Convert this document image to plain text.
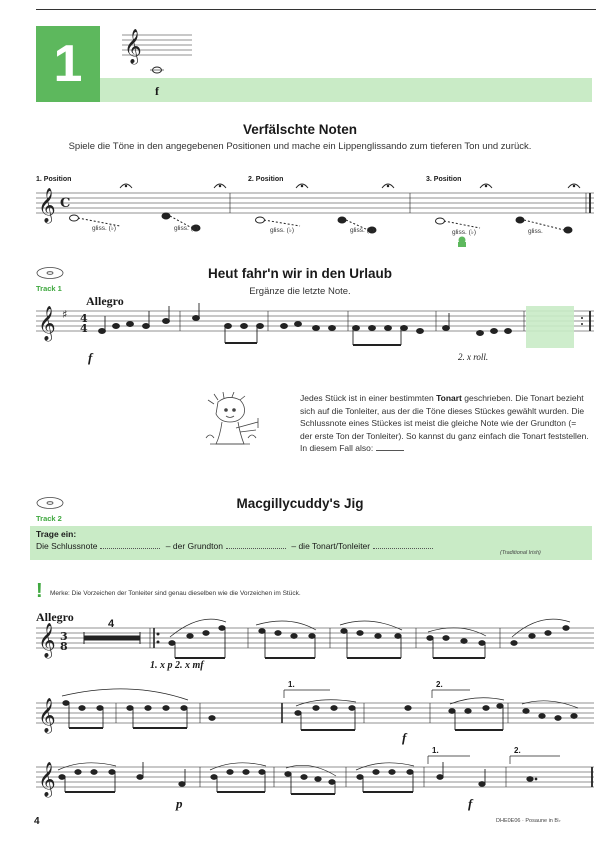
1	f
𝄞
𝄞
𝄞
𝄞
𝄞
𝄞
C
4
4
3
8
♯
Verfälschte Noten
Spiele die Töne in den angegebenen Positionen und mache ein Lippenglissando zum tieferen Ton und zurück.
1. Position	2. Position	3. Position
gliss. (♭)	gliss. (♭)	gliss. (♭)	gliss. (♭)	gliss. (♭)	gliss.
Track 1
Heut fahr'n wir in den Urlaub
Ergänze die letzte Note.
Allegro
f	2. x roll.
Jedes Stück ist in einer bestimmten Tonart geschrieben. Die Tonart bezieht sich auf die Tonleiter, aus der die Töne dieses Stückes gewählt wurden. Die Schlussnote eines Stückes ist meist die gleiche Note wie der Grundton (= der erste Ton der Tonleiter). So kannst du ganz einfach die Tonart feststellen. In diesem Fall also:
Track 2
Macgillycuddy's Jig
Trage ein:
Die Schlussnote	– der Grundton	– die Tonart/Tonleiter
(Traditional Irish)
! Merke: Die Vorzeichen der Tonleiter sind genau dieselben wie die Vorzeichen im Stück.
Allegro	4
1. x p 2. x mf
1.	2.
1.	2.
f
p	f
4	DHE0E06 · Posaune in B♭
